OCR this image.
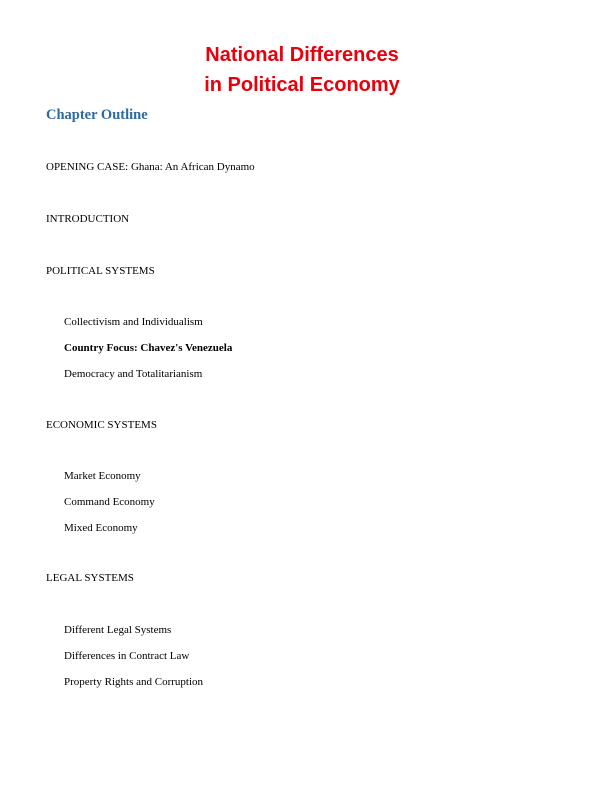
National Differences
in Political Economy
Chapter Outline
OPENING CASE: Ghana: An African Dynamo
INTRODUCTION
POLITICAL SYSTEMS
Collectivism and Individualism
Country Focus: Chavez's Venezuela
Democracy and Totalitarianism
ECONOMIC SYSTEMS
Market Economy
Command Economy
Mixed Economy
LEGAL SYSTEMS
Different Legal Systems
Differences in Contract Law
Property Rights and Corruption
